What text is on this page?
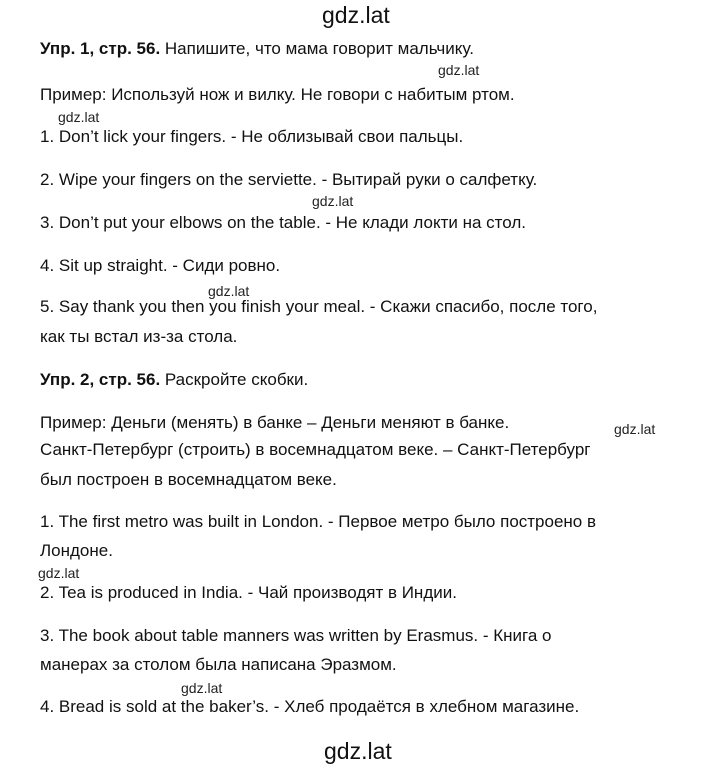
gdz.lat
gdz.lat
gdz.lat
gdz.lat
gdz.lat
gdz.lat
gdz.lat
gdz.lat
gdz.lat
Упр. 1, стр. 56. Напишите, что мама говорит мальчику.
Пример: Используй нож и вилку. Не говори с набитым ртом.
1. Don’t lick your fingers. - Не облизывай свои пальцы.
2. Wipe your fingers on the serviette. - Вытирай руки о салфетку.
3. Don’t put your elbows on the table. - Не клади локти на стол.
4. Sit up straight. - Сиди ровно.
5. Say thank you then you finish your meal. - Скажи спасибо, после того,
как ты встал из-за стола.
Упр. 2, стр. 56. Раскройте скобки.
Пример: Деньги (менять) в банке – Деньги меняют в банке.
Санкт-Петербург (строить) в восемнадцатом веке. – Санкт-Петербург
был построен в восемнадцатом веке.
1. The first metro was built in London. - Первое метро было построено в
Лондоне.
2. Tea is produced in India. - Чай производят в Индии.
3. The book about table manners was written by Erasmus. - Книга о
манерах за столом была написана Эразмом.
4. Bread is sold at the baker’s. - Хлеб продаётся в хлебном магазине.
